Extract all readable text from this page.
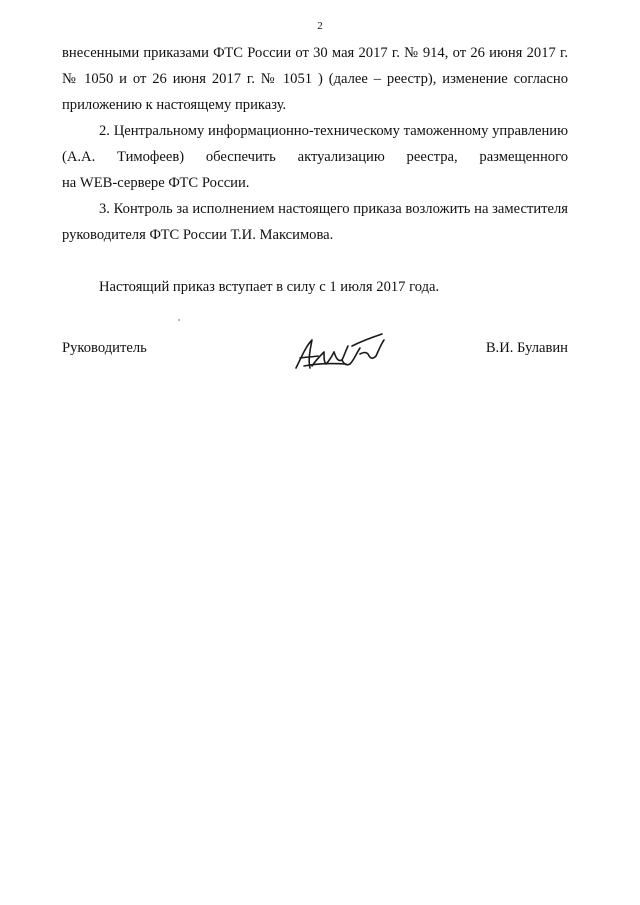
2

внесенными приказами ФТС России от 30 мая 2017 г. № 914, от 26 июня 2017 г.
№ 1050 и от 26 июня 2017 г. № 1051 ) (далее – реестр), изменение согласно
приложению к настоящему приказу.

2. Центральному информационно-техническому таможенному управлению
(А.А. Тимофеев) обеспечить актуализацию реестра, размещенного
на WEB-сервере ФТС России.

3. Контроль за исполнением настоящего приказа возложить на заместителя
руководителя ФТС России Т.И. Максимова.

Настоящий приказ вступает в силу с 1 июля 2017 года.

Руководитель	В.И. Булавин
